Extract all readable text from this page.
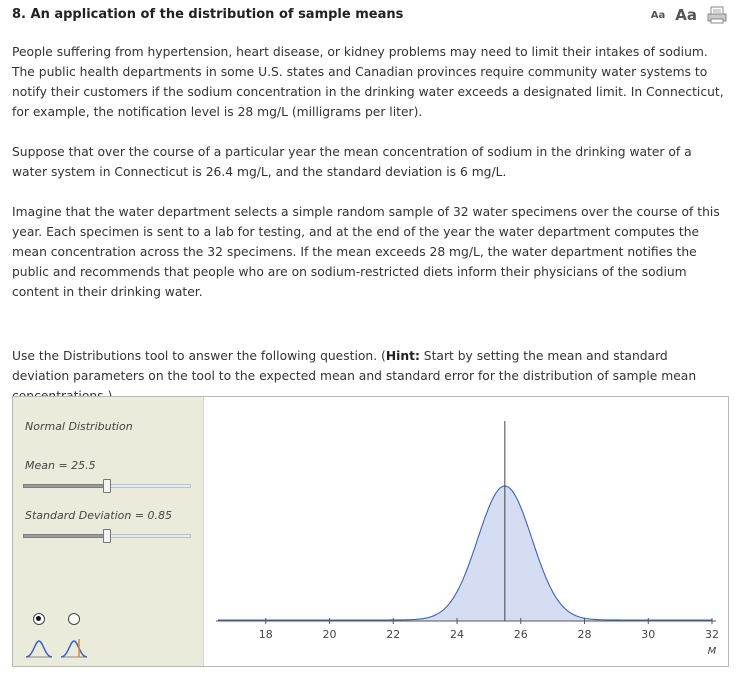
8. An application of the distribution of sample means	Aa Aa
People suffering from hypertension, heart disease, or kidney problems may need to limit their intakes of sodium. The public health departments in some U.S. states and Canadian provinces require community water systems to notify their customers if the sodium concentration in the drinking water exceeds a designated limit. In Connecticut, for example, the notification level is 28 mg/L (milligrams per liter).
Suppose that over the course of a particular year the mean concentration of sodium in the drinking water of a water system in Connecticut is 26.4 mg/L, and the standard deviation is 6 mg/L.
Imagine that the water department selects a simple random sample of 32 water specimens over the course of this year. Each specimen is sent to a lab for testing, and at the end of the year the water department computes the mean concentration across the 32 specimens. If the mean exceeds 28 mg/L, the water department notifies the public and recommends that people who are on sodium-restricted diets inform their physicians of the sodium content in their drinking water.
Use the Distributions tool to answer the following question. (Hint: Start by setting the mean and standard deviation parameters on the tool to the expected mean and standard error for the distribution of sample mean
Normal Distribution
Mean = 25.5
Standard Deviation = 0.85
18	20	22	24	26	28	30	32
M
